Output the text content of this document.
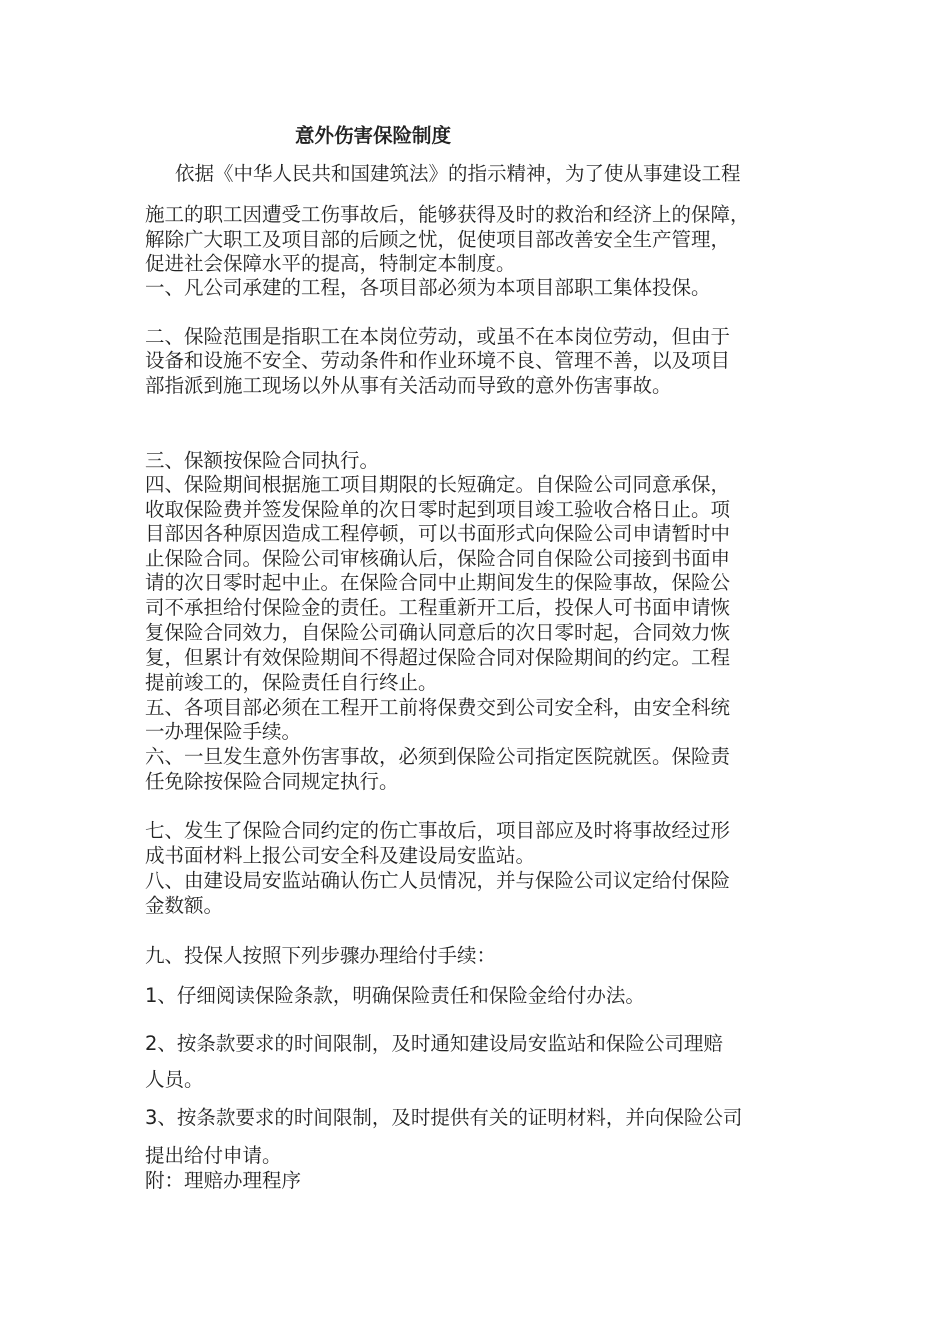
意外伤害保险制度
依据《中华人民共和国建筑法》的指示精神，为了使从事建设工程
施工的职工因遭受工伤事故后，能够获得及时的救治和经济上的保障，
解除广大职工及项目部的后顾之忧，促使项目部改善安全生产管理，
促进社会保障水平的提高，特制定本制度。
一、凡公司承建的工程，各项目部必须为本项目部职工集体投保。
二、保险范围是指职工在本岗位劳动，或虽不在本岗位劳动，但由于
设备和设施不安全、劳动条件和作业环境不良、管理不善，以及项目
部指派到施工现场以外从事有关活动而导致的意外伤害事故。
三、保额按保险合同执行。
四、保险期间根据施工项目期限的长短确定。自保险公司同意承保，
收取保险费并签发保险单的次日零时起到项目竣工验收合格日止。项
目部因各种原因造成工程停顿，可以书面形式向保险公司申请暂时中
止保险合同。保险公司审核确认后，保险合同自保险公司接到书面申
请的次日零时起中止。在保险合同中止期间发生的保险事故，保险公
司不承担给付保险金的责任。工程重新开工后，投保人可书面申请恢
复保险合同效力，自保险公司确认同意后的次日零时起，合同效力恢
复，但累计有效保险期间不得超过保险合同对保险期间的约定。工程
提前竣工的，保险责任自行终止。
五、各项目部必须在工程开工前将保费交到公司安全科，由安全科统
一办理保险手续。
六、一旦发生意外伤害事故，必须到保险公司指定医院就医。保险责
任免除按保险合同规定执行。
七、发生了保险合同约定的伤亡事故后，项目部应及时将事故经过形
成书面材料上报公司安全科及建设局安监站。
八、由建设局安监站确认伤亡人员情况，并与保险公司议定给付保险
金数额。
九、投保人按照下列步骤办理给付手续：
1、仔细阅读保险条款，明确保险责任和保险金给付办法。
2、按条款要求的时间限制，及时通知建设局安监站和保险公司理赔
人员。
3、按条款要求的时间限制，及时提供有关的证明材料，并向保险公司
提出给付申请。
附：理赔办理程序
